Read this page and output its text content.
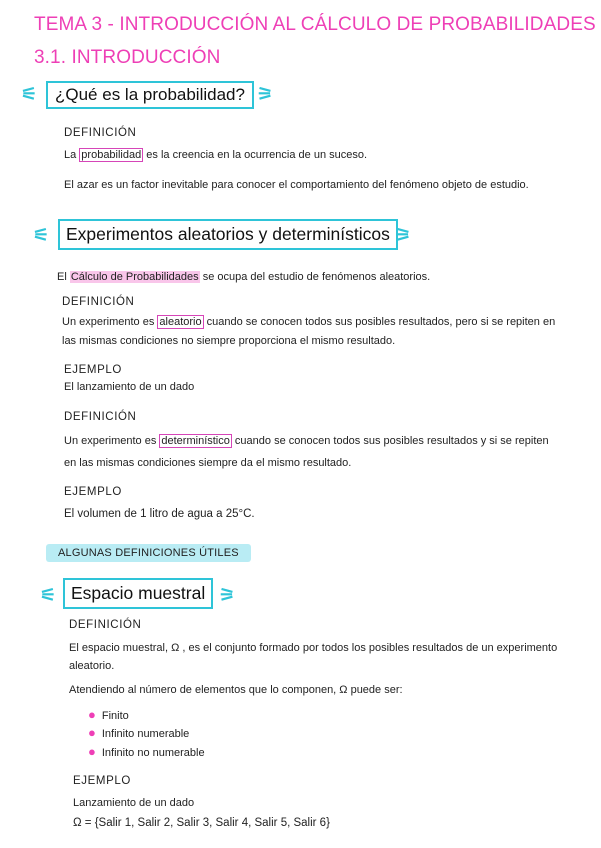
TEMA 3 - INTRODUCCIÓN AL CÁLCULO DE PROBABILIDADES
3.1. INTRODUCCIÓN
⚟	¿Qué es la probabilidad? ⚞
DEFINICIÓN
La probabilidad es la creencia en la ocurrencia de un suceso.
El azar es un factor inevitable para conocer el comportamiento del fenómeno objeto de estudio.
⚟ Experimentos aleatorios y determinísticos ⚞
El Cálculo de Probabilidades se ocupa del estudio de fenómenos aleatorios.
DEFINICIÓN
Un experimento es aleatorio cuando se conocen todos sus posibles resultados, pero si se repiten en
las mismas condiciones no siempre proporciona el mismo resultado.
EJEMPLO
El lanzamiento de un dado
DEFINICIÓN
Un experimento es determinístico cuando se conocen todos sus posibles resultados y si se repiten
en las mismas condiciones siempre da el mismo resultado.
EJEMPLO
El volumen de 1 litro de agua a 25°C.
ALGUNAS DEFINICIONES ÚTILES
⚟ Espacio muestral ⚞
DEFINICIÓN
El espacio muestral, Ω , es el conjunto formado por todos los posibles resultados de un experimento
aleatorio.
Atendiendo al número de elementos que lo componen, Ω puede ser:
● Finito
● Infinito numerable
● Infinito no numerable
EJEMPLO
Lanzamiento de un dado
Ω = {Salir 1, Salir 2, Salir 3, Salir 4, Salir 5, Salir 6}
